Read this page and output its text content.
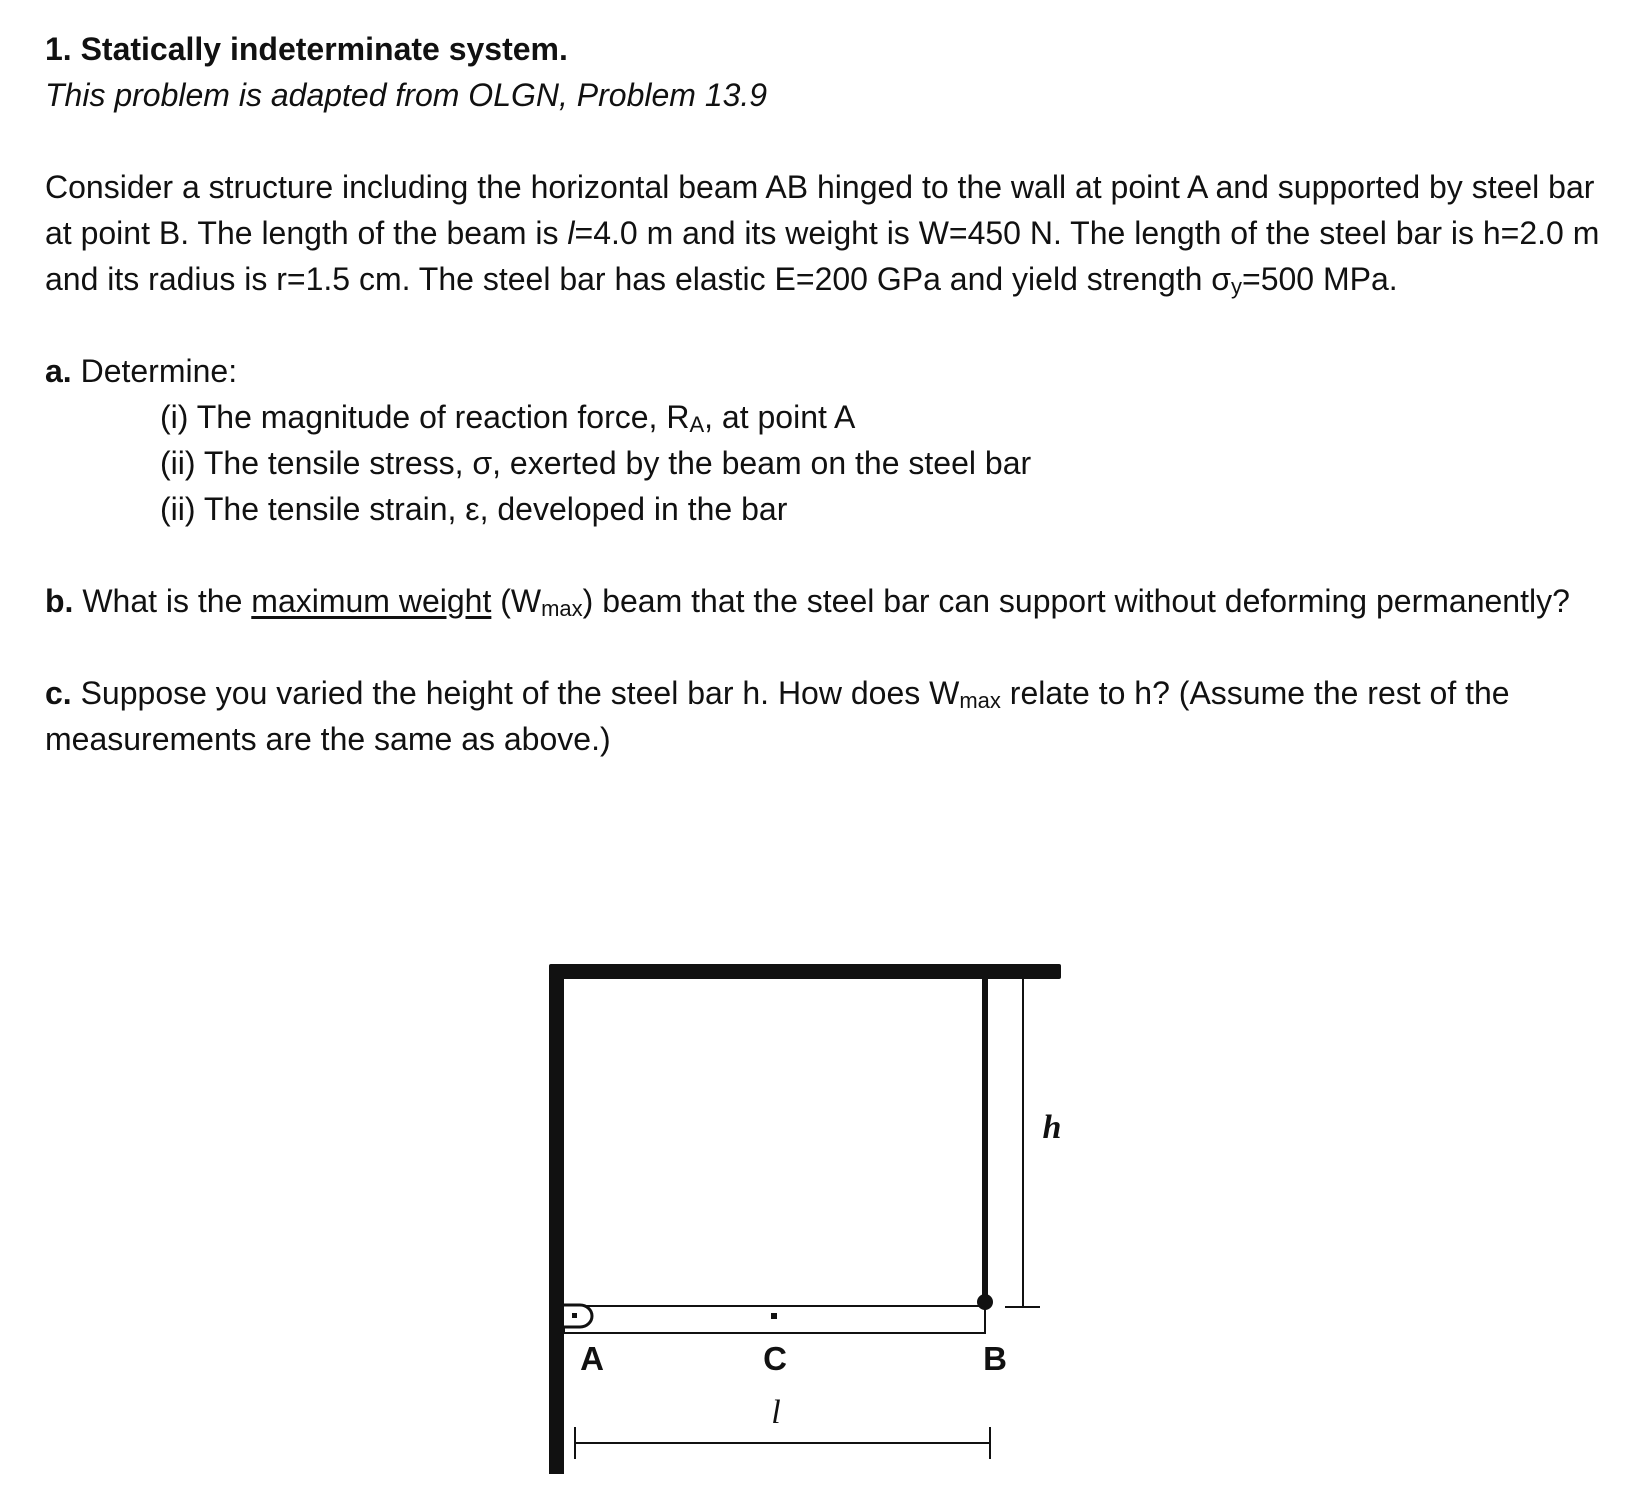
1. Statically indeterminate system.

This problem is adapted from OLGN, Problem 13.9

Consider a structure including the horizontal beam AB hinged to the wall at point A and supported by steel bar at point B. The length of the beam is l=4.0 m and its weight is W=450 N. The length of the steel bar is h=2.0 m and its radius is r=1.5 cm. The steel bar has elastic E=200 GPa and yield strength $\sigma_y=500$ MPa.

a. Determine:

(i) The magnitude of reaction force, $R_A$, at point A
(ii) The tensile stress, σ, exerted by the beam on the steel bar
(ii) The tensile strain, ε, developed in the bar

b. What is the maximum weight $(W_{max})$ beam that the steel bar can support without deforming permanently?

c. Suppose you varied the height of the steel bar h. How does $W_{max}$ relate to h? (Assume the rest of the measurements are the same as above.)

A	C	B
h
l
